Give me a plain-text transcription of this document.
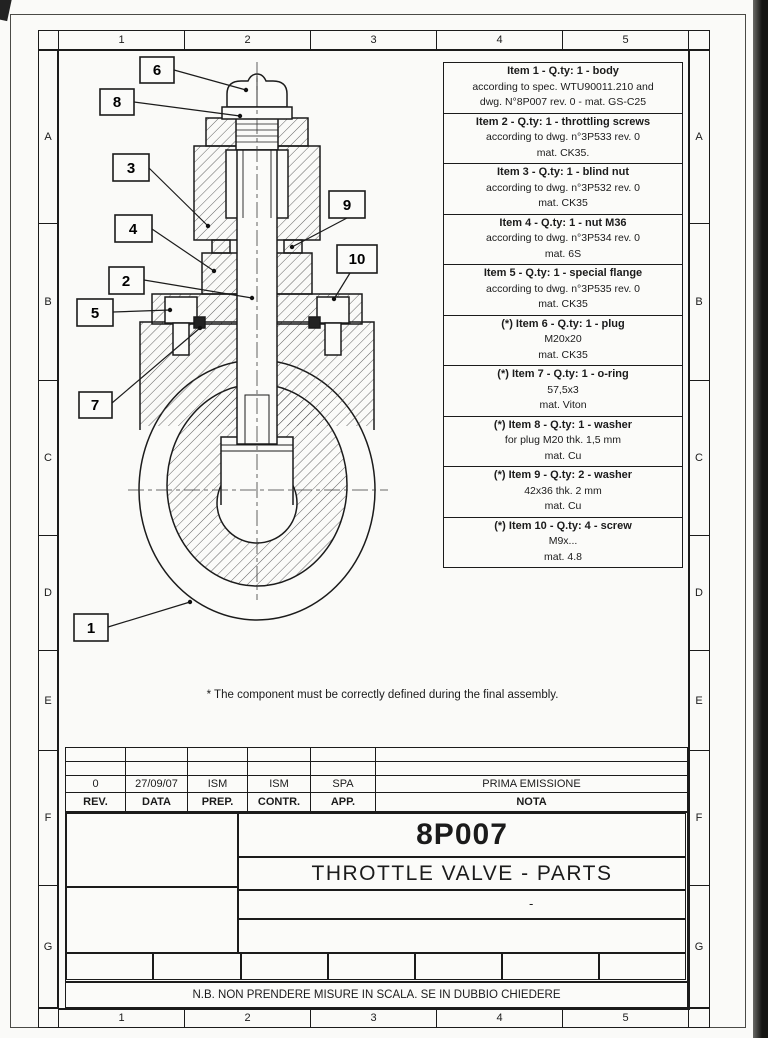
1	2	3	4	5
1	2	3	4	5
A
B
C
D
E
F
G
A
B
C
D
E
F
G
6
8
3
4
9
10
2
5
7
1
Item 1 - Q.ty: 1 - body
according to spec. WTU90011.210 and
dwg. N°8P007 rev. 0 - mat. GS-C25
Item 2 - Q.ty: 1 - throttling screws
according to dwg. n°3P533 rev. 0
mat. CK35.
Item 3 - Q.ty: 1 - blind nut
according to dwg. n°3P532 rev. 0
mat. CK35
Item 4 - Q.ty: 1 - nut M36
according to dwg. n°3P534 rev. 0
mat. 6S
Item 5 - Q.ty: 1 - special flange
according to dwg. n°3P535 rev. 0
mat. CK35
(*) Item 6 - Q.ty: 1 - plug
M20x20
mat. CK35
(*) Item 7 - Q.ty: 1 - o-ring
57,5x3
mat. Viton
(*) Item 8 - Q.ty: 1 - washer
for plug M20 thk. 1,5 mm
mat. Cu
(*) Item 9 - Q.ty: 2 - washer
42x36 thk. 2 mm
mat. Cu
(*) Item 10 - Q.ty: 4 - screw
M9x...
mat. 4.8
* The component must be correctly defined during the final assembly.
0	27/09/07	ISM	ISM	SPA	PRIMA EMISSIONE
REV.	DATA	PREP.	CONTR.	APP.	NOTA
8P007
THROTTLE VALVE - PARTS
-
N.B. NON PRENDERE MISURE IN SCALA. SE IN DUBBIO CHIEDERE
